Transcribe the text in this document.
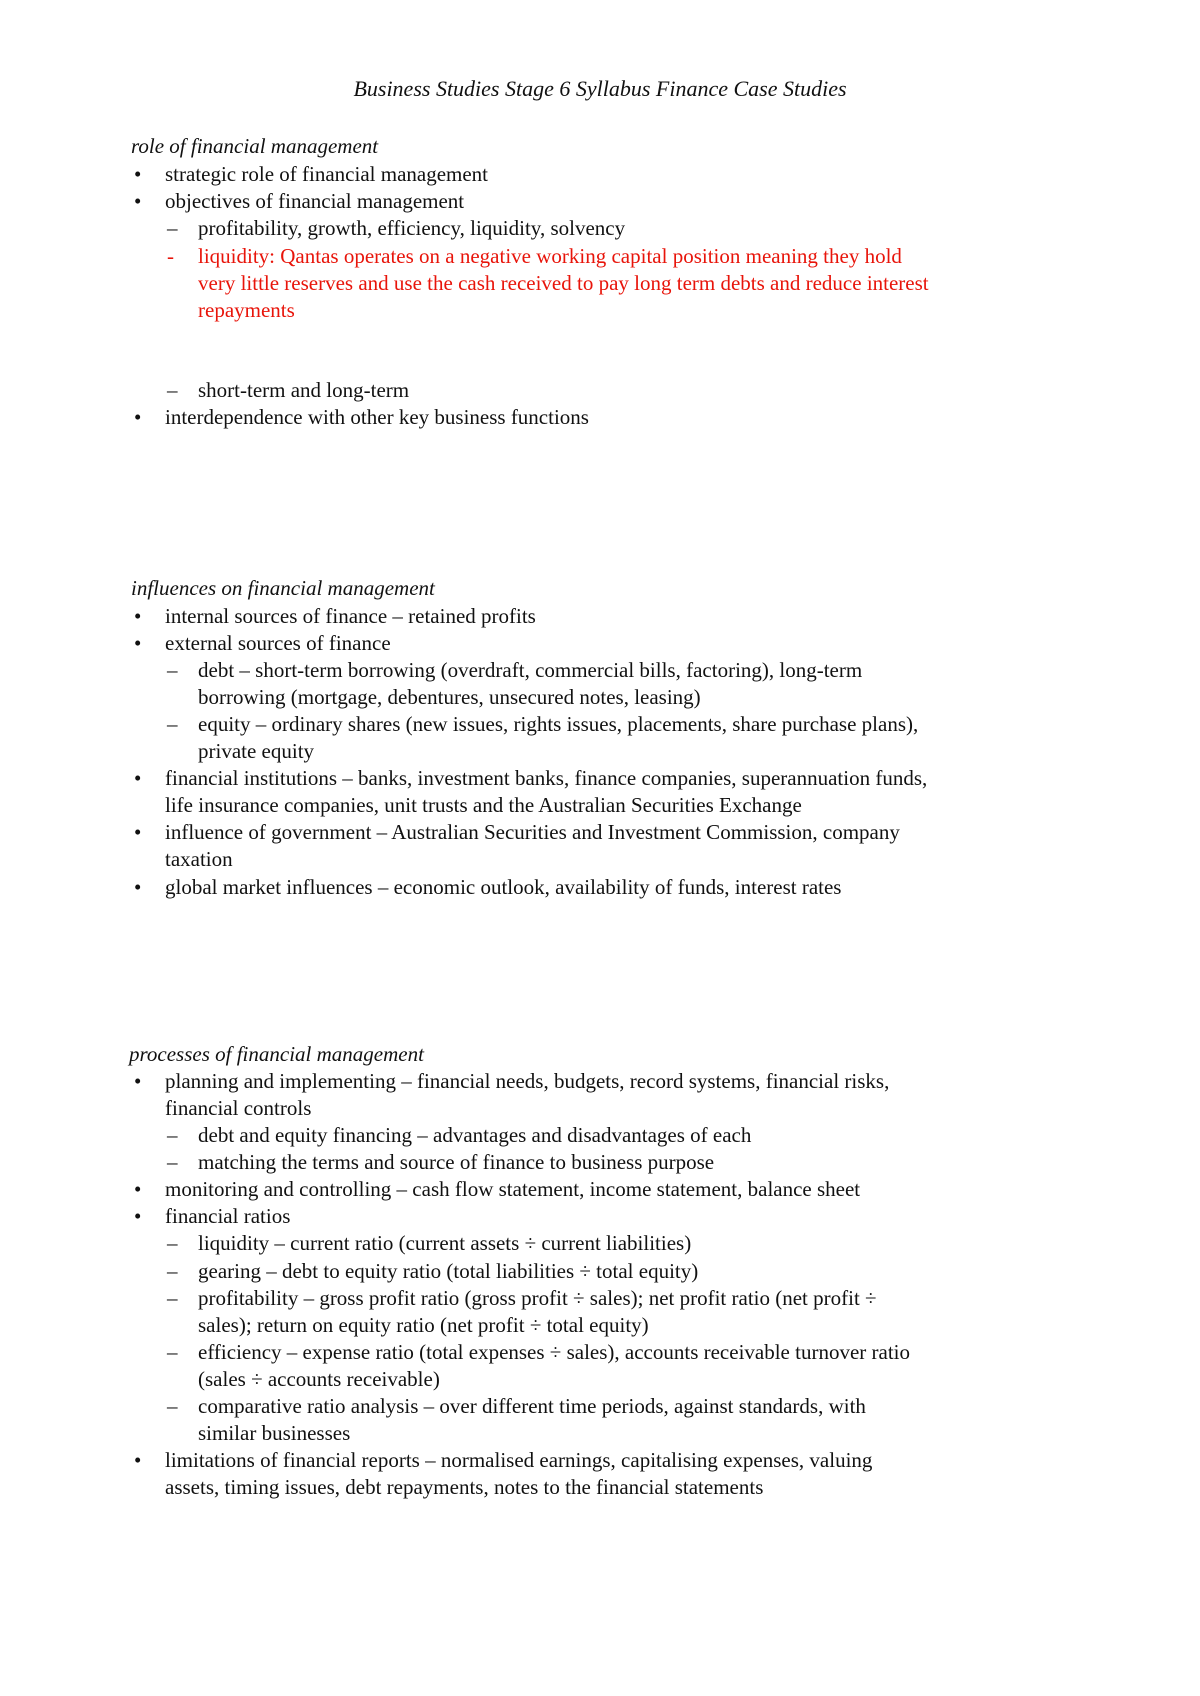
Business Studies Stage 6 Syllabus Finance Case Studies
role of financial management
• strategic role of financial management
• objectives of financial management
– profitability, growth, efficiency, liquidity, solvency
- liquidity: Qantas operates on a negative working capital position meaning they hold
very little reserves and use the cash received to pay long term debts and reduce interest
repayments
– short-term and long-term
• interdependence with other key business functions
influences on financial management
• internal sources of finance – retained profits
• external sources of finance
– debt – short-term borrowing (overdraft, commercial bills, factoring), long-term
borrowing (mortgage, debentures, unsecured notes, leasing)
– equity – ordinary shares (new issues, rights issues, placements, share purchase plans),
private equity
• financial institutions – banks, investment banks, finance companies, superannuation funds,
life insurance companies, unit trusts and the Australian Securities Exchange
• influence of government – Australian Securities and Investment Commission, company
taxation
• global market influences – economic outlook, availability of funds, interest rates
processes of financial management
• planning and implementing – financial needs, budgets, record systems, financial risks,
financial controls
– debt and equity financing – advantages and disadvantages of each
– matching the terms and source of finance to business purpose
• monitoring and controlling – cash flow statement, income statement, balance sheet
• financial ratios
– liquidity – current ratio (current assets ÷ current liabilities)
– gearing – debt to equity ratio (total liabilities ÷ total equity)
– profitability – gross profit ratio (gross profit ÷ sales); net profit ratio (net profit ÷
sales); return on equity ratio (net profit ÷ total equity)
– efficiency – expense ratio (total expenses ÷ sales), accounts receivable turnover ratio
(sales ÷ accounts receivable)
– comparative ratio analysis – over different time periods, against standards, with
similar businesses
• limitations of financial reports – normalised earnings, capitalising expenses, valuing
assets, timing issues, debt repayments, notes to the financial statements
